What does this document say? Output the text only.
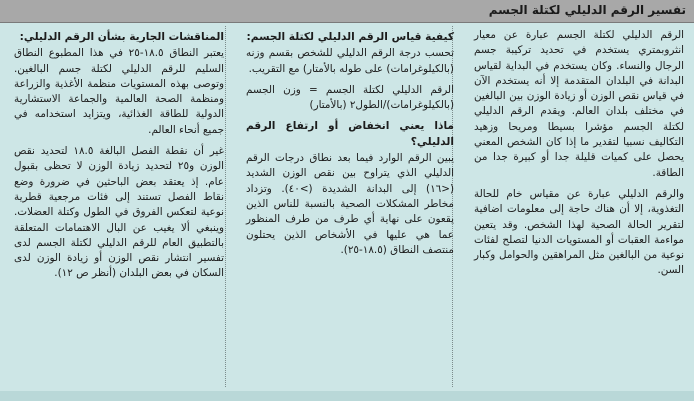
تفسير الرقم الدليلي لكتلة الجسم

الرقم الدليلي لكتلة الجسم عبارة عن معيار انثروبمتري يستخدم في تحديد تركيبة جسم الرجال والنساء. وكان يستخدم في البداية لقياس البدانة في البلدان المتقدمة إلا أنه يستخدم الآن في قياس نقص الوزن أو زيادة الوزن بين البالغين في مختلف بلدان العالم. ويقدم الرقم الدليلي لكتلة الجسم مؤشرا بسيطا ومريحا وزهيد التكاليف نسبيا لتقدير ما إذا كان الشخص المعني يحصل على كميات قليلة جدا أو كبيرة جدا من الطاقة.

والرقم الدليلي عبارة عن مقياس خام للحالة التغذوية، إلا أن هناك حاجة إلى معلومات اضافية لتقرير الحالة الصحية لهذا الشخص. وقد يتعين مواءمة العقبات أو المستويات الدنيا لتصلح لفئات نوعية من البالغين مثل المراهقين والحوامل وكبار السن.

كيفية قياس الرقم الدليلي لكتلة الجسم:

تحسب درجة الرقم الدليلي للشخص بقسم وزنه (بالكيلوغرامات) على طوله بالأمتار) مع التقريب.

الرقم الدليلي لكتلة الجسم = وزن الجسم (بالكيلوغرامات)/الطول٢ (بالأمتار)

ماذا يعني انخفاض أو ارتفاع الرقم الدليلي؟

يبين الرقم الوارد فيما بعد نطاق درجات الرقم الدليلي الذي يتراوح بين نقص الوزن الشديد (<١٦) إلى البدانة الشديدة (>٤٠). وتزداد مخاطر المشكلات الصحية بالنسبة للناس الذين يقعون على نهاية أي طرف من طرف المنظور عما هي عليها في الأشخاص الذين يحتلون منتصف النطاق (١٨.٥-٢٥).

المناقشات الجارية بشأن الرقم الدليلي:

يعتبر النطاق ١٨.٥-٢٥ في هذا المطبوع النطاق السليم للرقم الدليلي لكتلة جسم البالغين. وتوصى بهذه المستويات منظمة الأغذية والزراعة ومنظمة الصحة العالمية والجماعة الاستشارية الدولية للطاقة الغذائية، ويتزايد استخدامه في جميع أنحاء العالم.

غير أن نقطة الفصل البالغة ١٨.٥ لتحديد نقص الوزن و٢٥ لتحديد زيادة الوزن لا تحظى بقبول عام. إذ يعتقد بعض الباحثين في ضرورة وضع نقاط الفصل تستند إلى فئات مرجعية قطرية نوعية لتعكس الفروق في الطول وكتلة العضلات. وينبغي ألا يغيب عن البال الاهتمامات المتعلقة بالتطبيق العام للرقم الدليلي لكتلة الجسم لدى تفسير انتشار نقص الوزن أو زيادة الوزن لدى السكان في بعض البلدان (أنظر ص ١٢).
